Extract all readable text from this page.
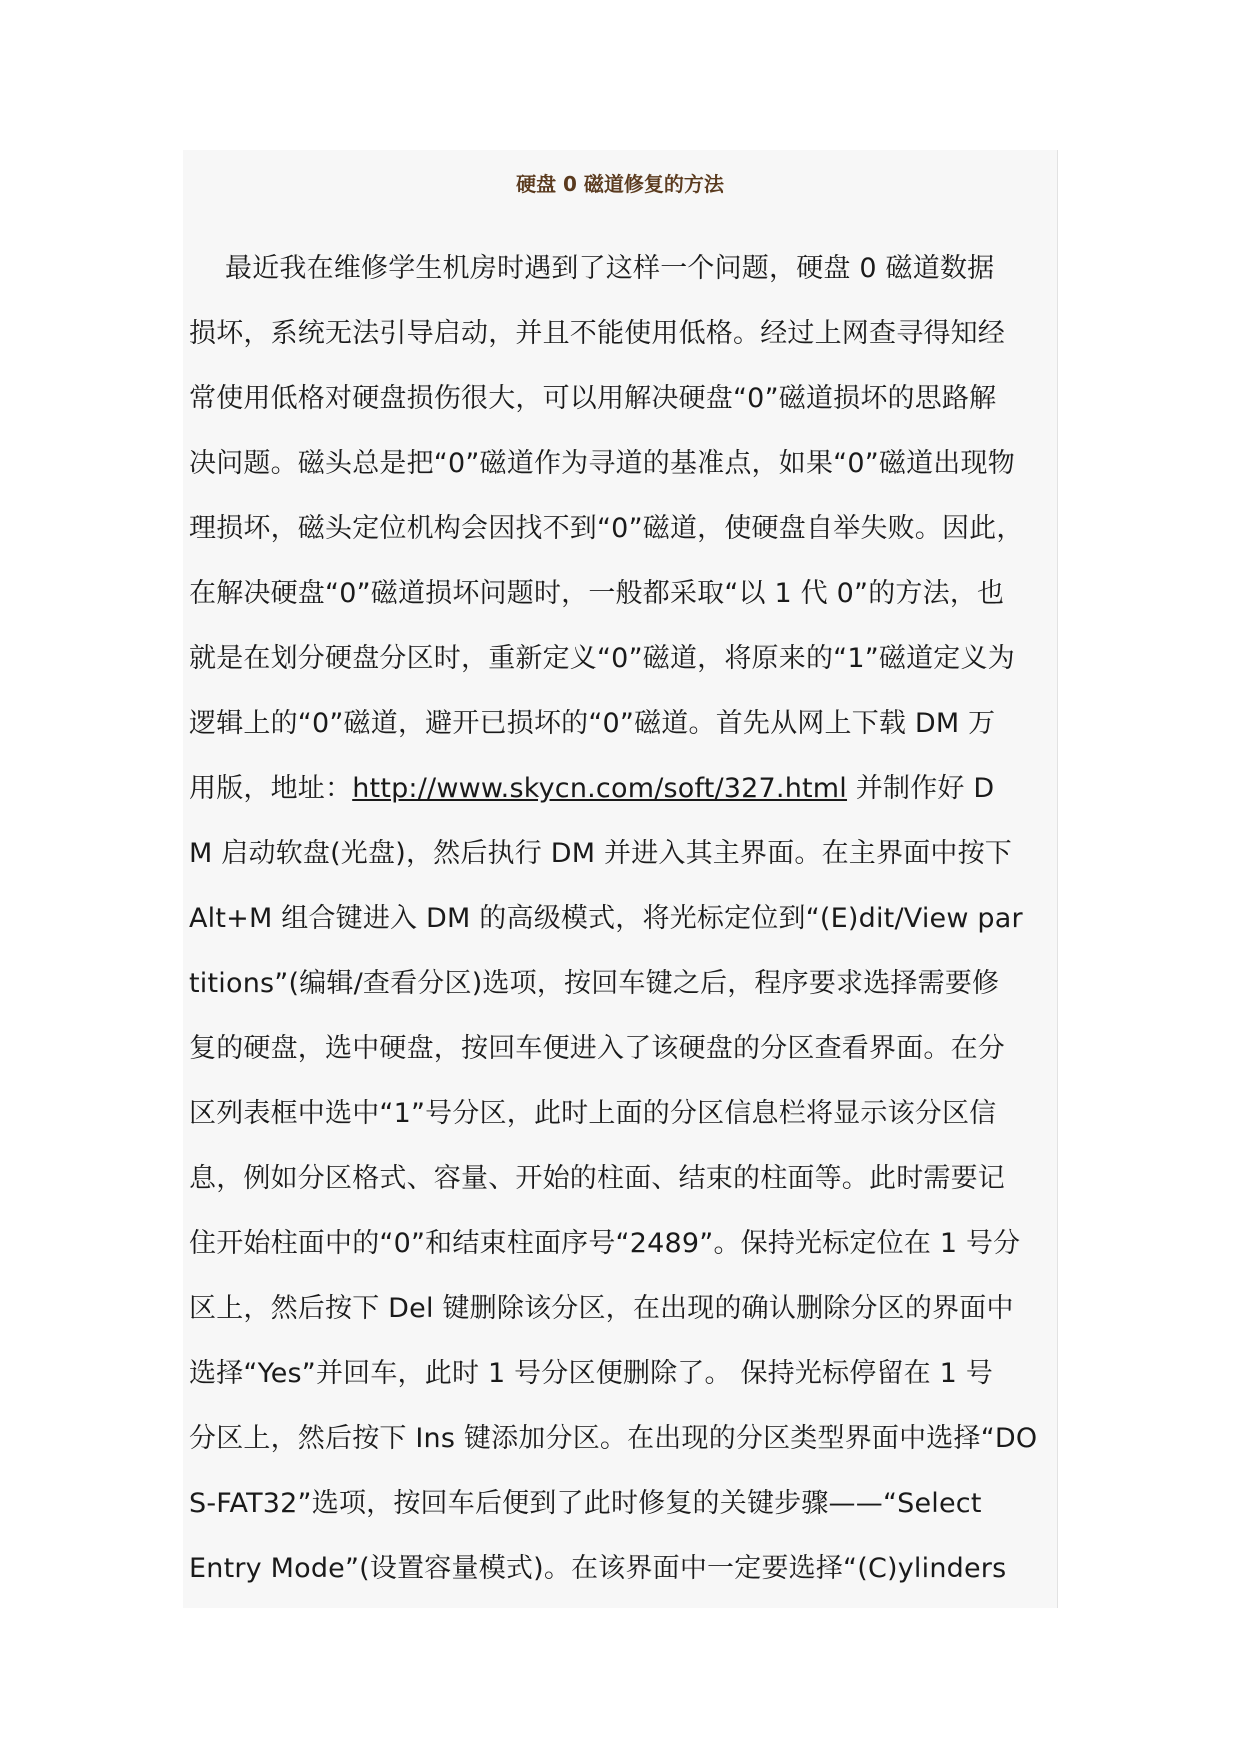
硬盘 0 磁道修复的方法
最近我在维修学生机房时遇到了这样一个问题，硬盘 0 磁道数据
损坏，系统无法引导启动，并且不能使用低格。经过上网查寻得知经
常使用低格对硬盘损伤很大，可以用解决硬盘“0”磁道损坏的思路解
决问题。磁头总是把“0”磁道作为寻道的基准点，如果“0”磁道出现物
理损坏，磁头定位机构会因找不到“0”磁道，使硬盘自举失败。因此，
在解决硬盘“0”磁道损坏问题时，一般都采取“以 1 代 0”的方法，也
就是在划分硬盘分区时，重新定义“0”磁道，将原来的“1”磁道定义为
逻辑上的“0”磁道，避开已损坏的“0”磁道。首先从网上下载 DM 万
用版，地址：http://www.skycn.com/soft/327.html 并制作好 D
M 启动软盘(光盘)，然后执行 DM 并进入其主界面。在主界面中按下
Alt+M 组合键进入 DM 的高级模式，将光标定位到“(E)dit/View par
titions”(编辑/查看分区)选项，按回车键之后，程序要求选择需要修
复的硬盘，选中硬盘，按回车便进入了该硬盘的分区查看界面。在分
区列表框中选中“1”号分区，此时上面的分区信息栏将显示该分区信
息，例如分区格式、容量、开始的柱面、结束的柱面等。此时需要记
住开始柱面中的“0”和结束柱面序号“2489”。保持光标定位在 1 号分
区上，然后按下 Del 键删除该分区，在出现的确认删除分区的界面中
选择“Yes”并回车，此时 1 号分区便删除了。 保持光标停留在 1 号
分区上，然后按下 Ins 键添加分区。在出现的分区类型界面中选择“DO
S-FAT32”选项，按回车后便到了此时修复的关键步骤——“Select
Entry Mode”(设置容量模式)。在该界面中一定要选择“(C)ylinders
